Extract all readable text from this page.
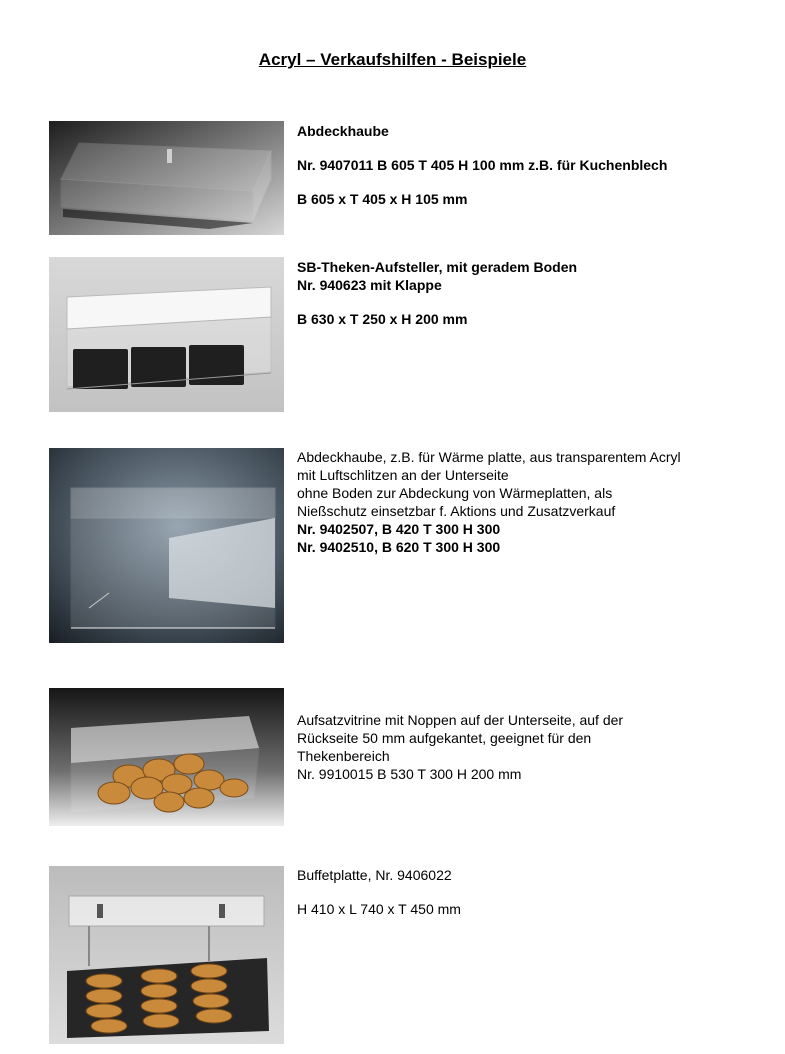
Acryl – Verkaufshilfen - Beispiele
Abdeckhaube
Nr. 9407011 B 605 T 405 H 100 mm z.B. für Kuchenblech
B 605 x T 405 x H 105 mm
SB-Theken-Aufsteller, mit geradem Boden
Nr. 940623 mit Klappe
B 630 x T 250 x H 200 mm
Abdeckhaube, z.B. für Wärme platte, aus transparentem Acryl
mit Luftschlitzen an der Unterseite
ohne Boden zur Abdeckung von Wärmeplatten, als
Nießschutz einsetzbar f. Aktions und Zusatzverkauf
Nr. 9402507, B 420 T 300 H 300
Nr. 9402510, B 620 T 300 H 300
Aufsatzvitrine mit Noppen auf der Unterseite, auf der
Rückseite 50 mm aufgekantet, geeignet für den
Thekenbereich
Nr. 9910015 B 530 T 300 H 200 mm
Buffetplatte, Nr. 9406022
H 410 x L 740 x T 450 mm
